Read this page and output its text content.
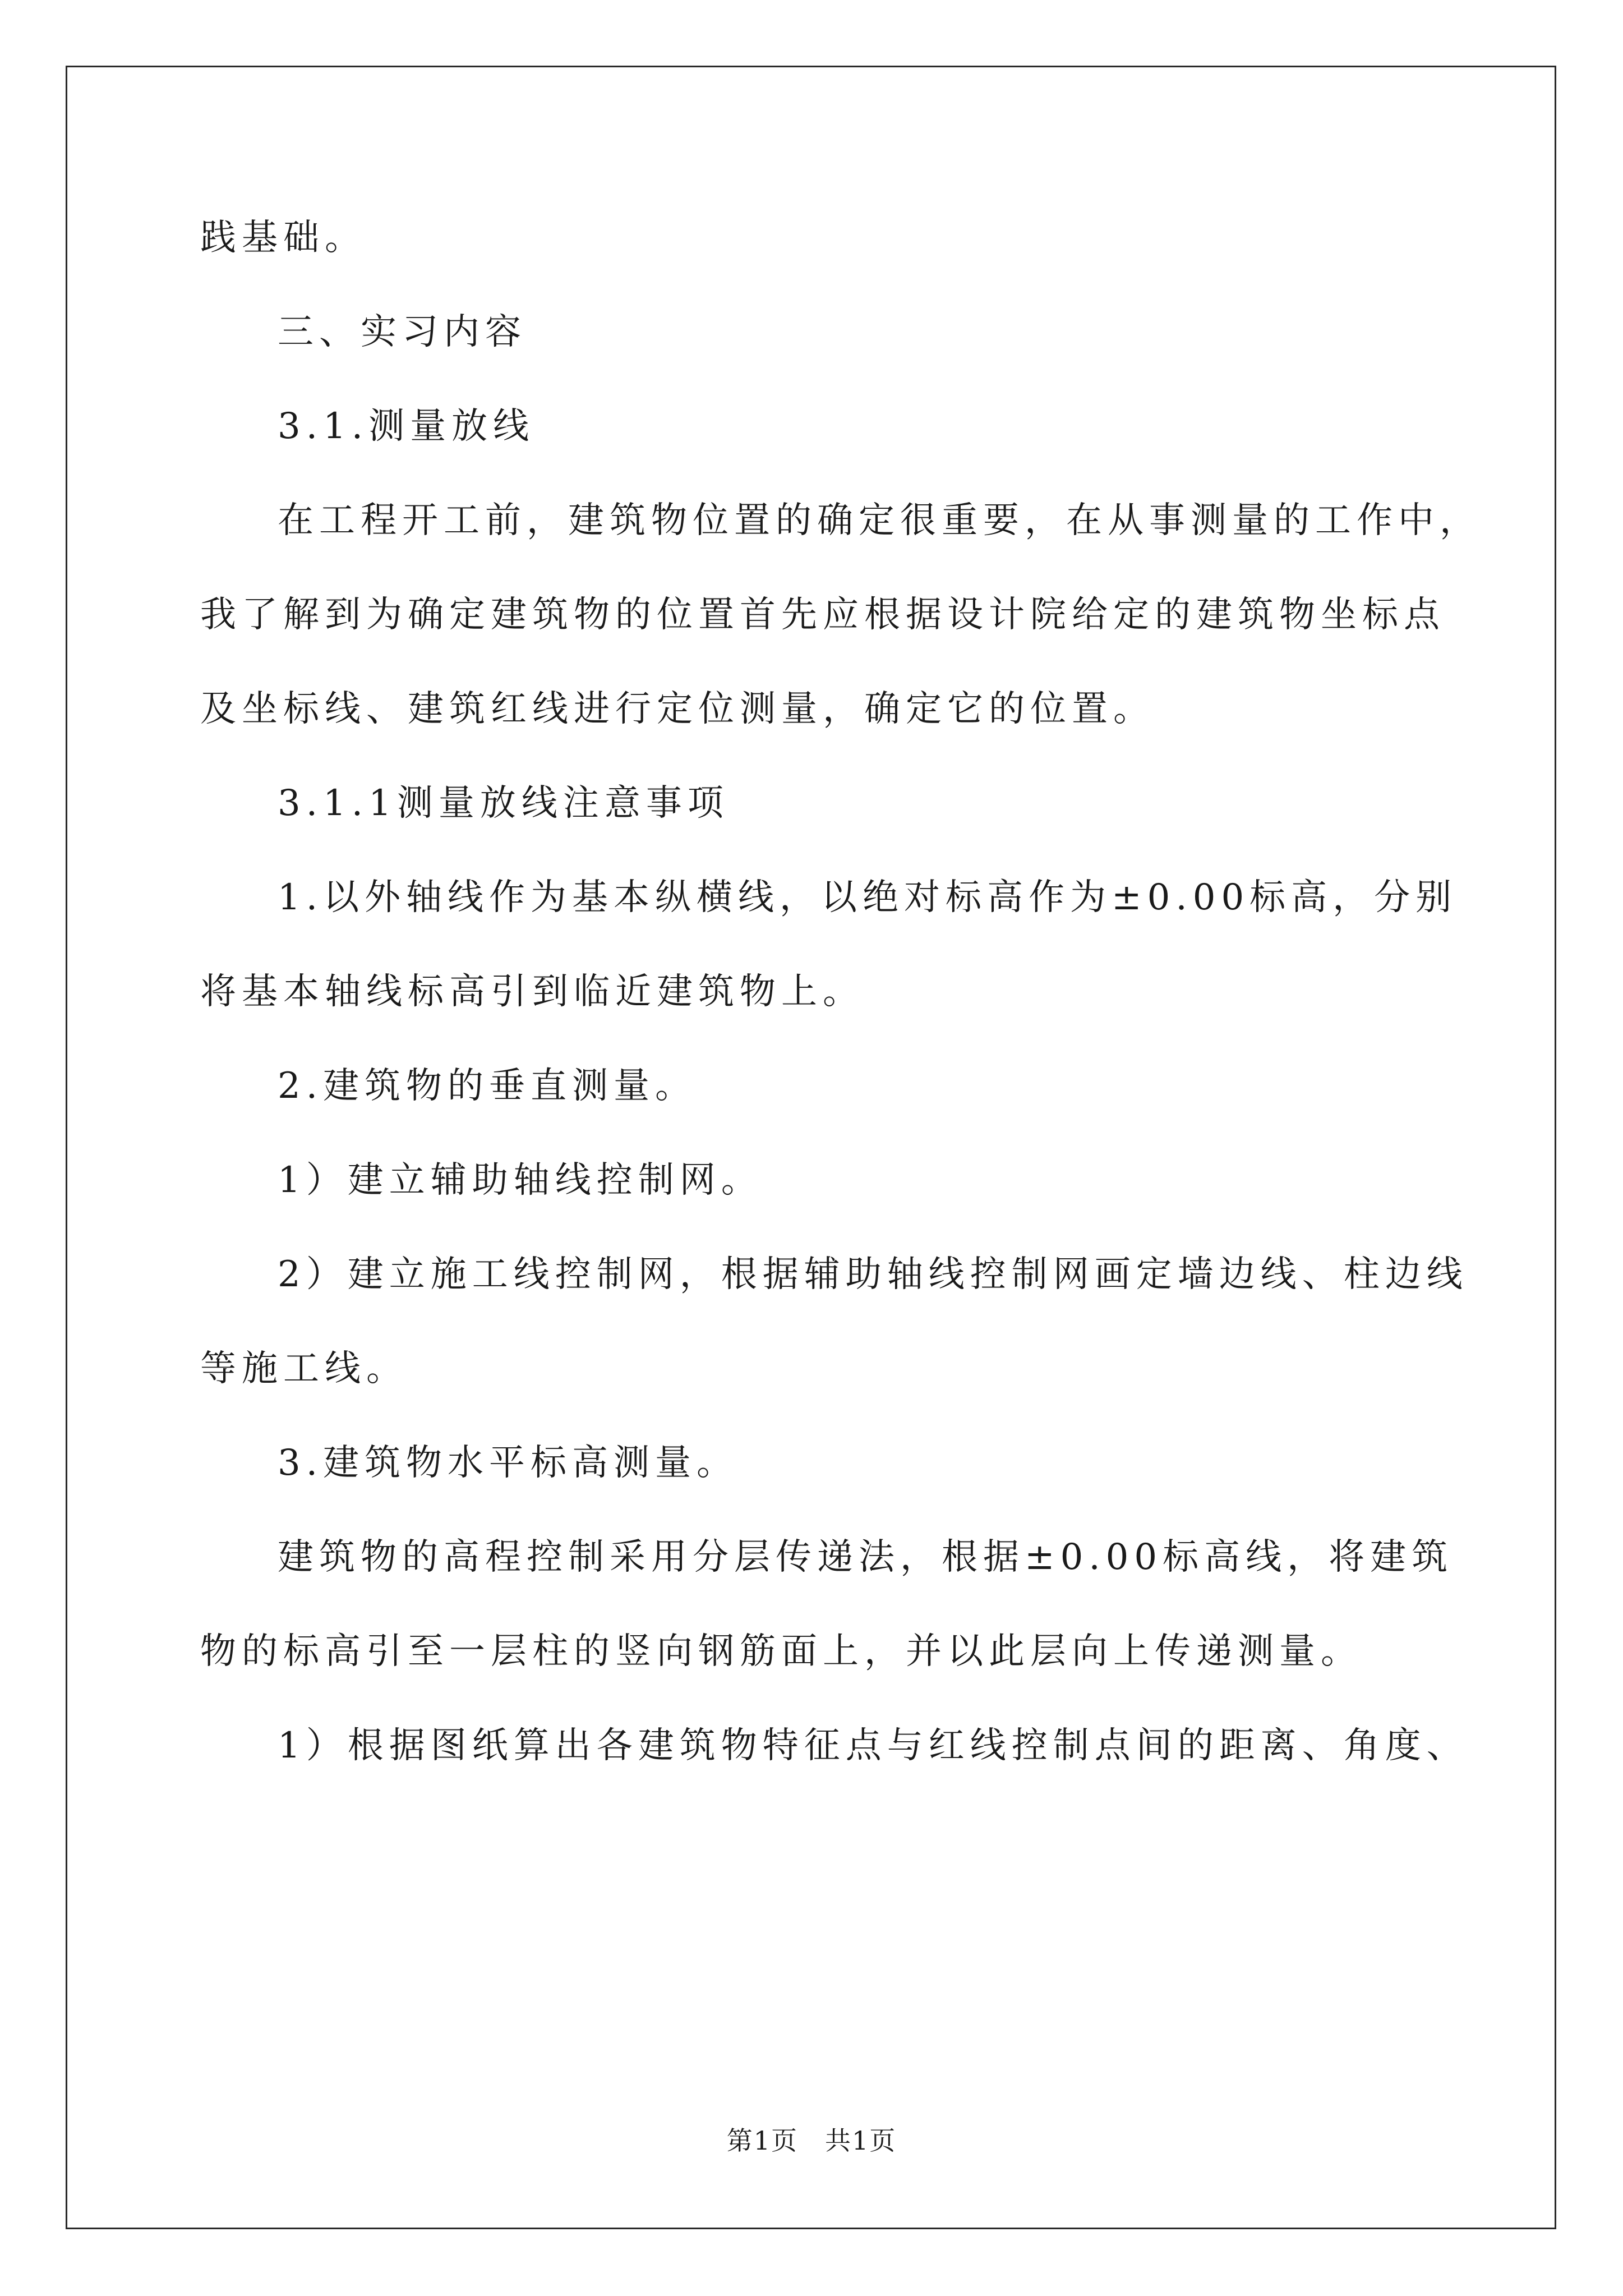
践基础。

三、实习内容

3.1.测量放线

在工程开工前，建筑物位置的确定很重要，在从事测量的工作中，

我了解到为确定建筑物的位置首先应根据设计院给定的建筑物坐标点

及坐标线、建筑红线进行定位测量，确定它的位置。

3.1.1测量放线注意事项

1.以外轴线作为基本纵横线，以绝对标高作为±0.00标高，分别

将基本轴线标高引到临近建筑物上。

2.建筑物的垂直测量。

1）建立辅助轴线控制网。

2）建立施工线控制网，根据辅助轴线控制网画定墙边线、柱边线

等施工线。

3.建筑物水平标高测量。

建筑物的高程控制采用分层传递法，根据±0.00标高线，将建筑

物的标高引至一层柱的竖向钢筋面上，并以此层向上传递测量。

1）根据图纸算出各建筑物特征点与红线控制点间的距离、角度、

第1页　共1页
